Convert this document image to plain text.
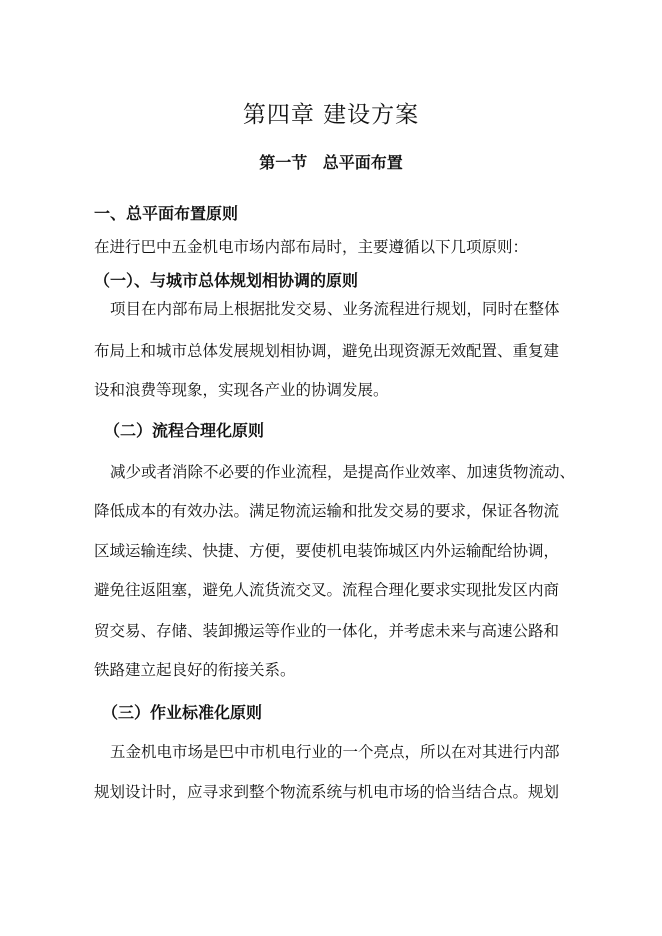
第四章 建设方案
第一节 总平面布置
一、总平面布置原则
在进行巴中五金机电市场内部布局时，主要遵循以下几项原则：
（一）、与城市总体规划相协调的原则
项目在内部布局上根据批发交易、业务流程进行规划，同时在整体
布局上和城市总体发展规划相协调，避免出现资源无效配置、重复建
设和浪费等现象，实现各产业的协调发展。
（二）流程合理化原则
减少或者消除不必要的作业流程，是提高作业效率、加速货物流动、
降低成本的有效办法。满足物流运输和批发交易的要求，保证各物流
区域运输连续、快捷、方便，要使机电装饰城区内外运输配给协调，
避免往返阻塞，避免人流货流交叉。流程合理化要求实现批发区内商
贸交易、存储、装卸搬运等作业的一体化，并考虑未来与高速公路和
铁路建立起良好的衔接关系。
（三）作业标准化原则
五金机电市场是巴中市机电行业的一个亮点，所以在对其进行内部
规划设计时，应寻求到整个物流系统与机电市场的恰当结合点。规划
